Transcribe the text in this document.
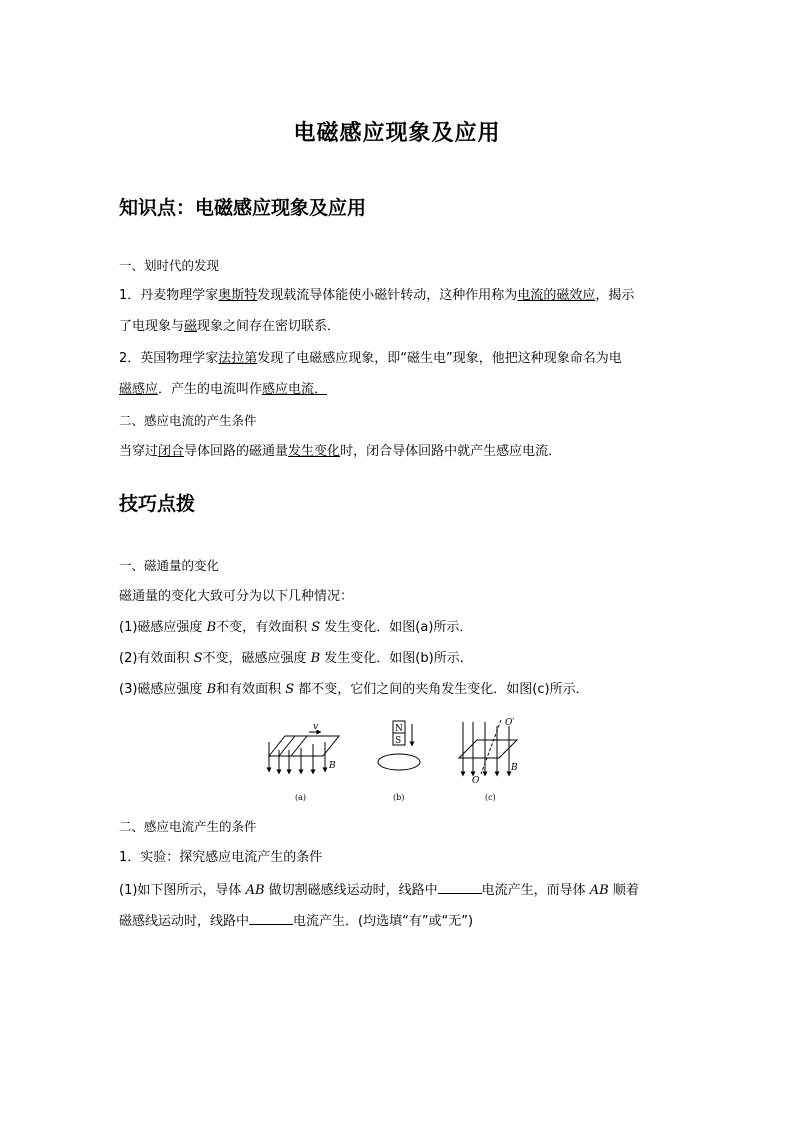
电磁感应现象及应用
知识点：电磁感应现象及应用
一、划时代的发现
1．丹麦物理学家奥斯特发现载流导体能使小磁针转动，这种作用称为电流的磁效应，揭示
了电现象与磁现象之间存在密切联系．
2．英国物理学家法拉第发现了电磁感应现象，即“磁生电”现象，他把这种现象命名为电
磁感应．产生的电流叫作感应电流．
二、感应电流的产生条件
当穿过闭合导体回路的磁通量发生变化时，闭合导体回路中就产生感应电流．
技巧点拨
一、磁通量的变化
磁通量的变化大致可分为以下几种情况：
(1)磁感应强度 B不变，有效面积 S 发生变化．如图(a)所示．
(2)有效面积 S不变，磁感应强度 B 发生变化．如图(b)所示．
(3)磁感应强度 B和有效面积 S 都不变，它们之间的夹角发生变化．如图(c)所示．
v
B
(a)
N
S
(b)
O′
O
B
(c)
二、感应电流产生的条件
1．实验：探究感应电流产生的条件
(1)如下图所示，导体 AB 做切割磁感线运动时，线路中	电流产生，而导体 AB 顺着
磁感线运动时，线路中	电流产生．(均选填“有”或“无”)
